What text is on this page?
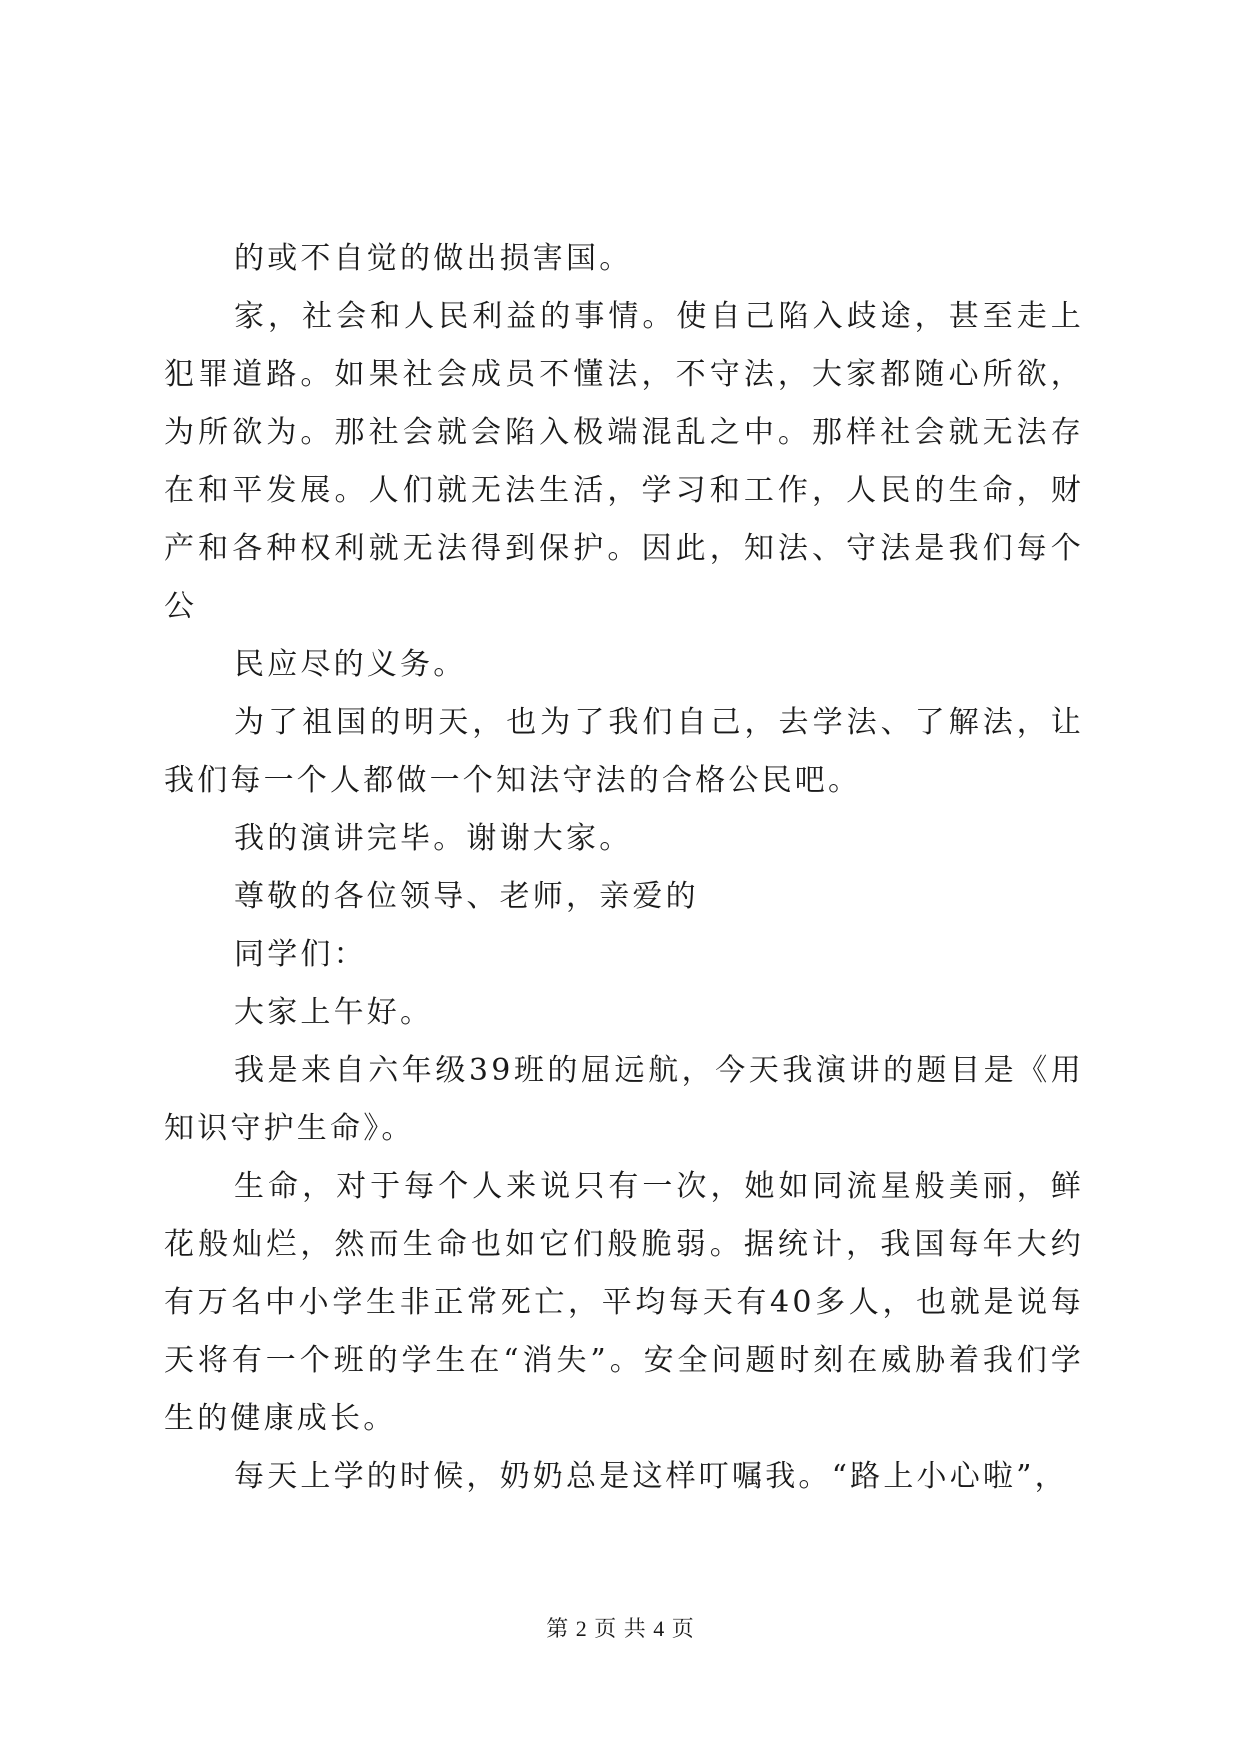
的或不自觉的做出损害国。

家，社会和人民利益的事情。使自己陷入歧途，甚至走上犯罪道路。如果社会成员不懂法，不守法，大家都随心所欲，为所欲为。那社会就会陷入极端混乱之中。那样社会就无法存在和平发展。人们就无法生活，学习和工作，人民的生命，财产和各种权利就无法得到保护。因此，知法、守法是我们每个公

民应尽的义务。

为了祖国的明天，也为了我们自己，去学法、了解法，让我们每一个人都做一个知法守法的合格公民吧。

我的演讲完毕。谢谢大家。

尊敬的各位领导、老师，亲爱的

同学们：

大家上午好。

我是来自六年级39班的屈远航，今天我演讲的题目是《用知识守护生命》。

生命，对于每个人来说只有一次，她如同流星般美丽，鲜花般灿烂，然而生命也如它们般脆弱。据统计，我国每年大约有万名中小学生非正常死亡，平均每天有40多人，也就是说每天将有一个班的学生在“消失”。安全问题时刻在威胁着我们学生的健康成长。

每天上学的时候，奶奶总是这样叮嘱我。“路上小心啦”，

第 2 页 共 4 页
